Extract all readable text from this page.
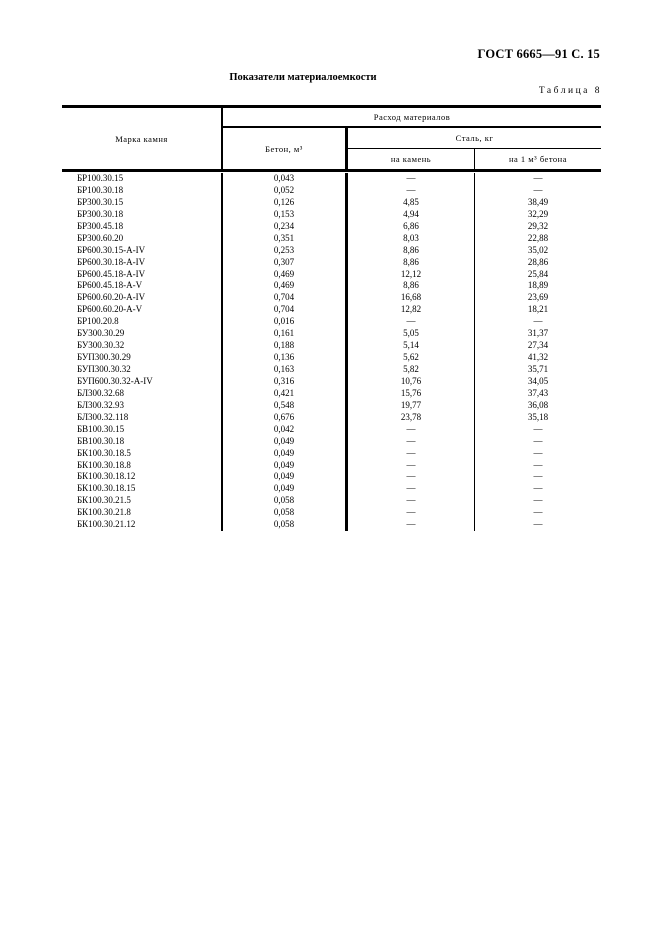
ГОСТ 6665—91 С. 15
Показатели материалоемкости
Таблица 8
Марка камня
Расход материалов
Бетон, м³
Сталь, кг
на камень	на 1 м³ бетона
БР100.30.15	0,043	—	—
БР100.30.18	0,052	—	—
БР300.30.15	0,126	4,85	38,49
БР300.30.18	0,153	4,94	32,29
БР300.45.18	0,234	6,86	29,32
БР300.60.20	0,351	8,03	22,88
БР600.30.15-А-IV	0,253	8,86	35,02
БР600.30.18-А-IV	0,307	8,86	28,86
БР600.45.18-А-IV	0,469	12,12	25,84
БР600.45.18-А-V	0,469	8,86	18,89
БР600.60.20-А-IV	0,704	16,68	23,69
БР600.60.20-А-V	0,704	12,82	18,21
БР100.20.8	0,016	—	—
БУ300.30.29	0,161	5,05	31,37
БУ300.30.32	0,188	5,14	27,34
БУП300.30.29	0,136	5,62	41,32
БУП300.30.32	0,163	5,82	35,71
БУП600.30.32-А-IV	0,316	10,76	34,05
БЛ300.32.68	0,421	15,76	37,43
БЛ300.32.93	0,548	19,77	36,08
БЛ300.32.118	0,676	23,78	35,18
БВ100.30.15	0,042	—	—
БВ100.30.18	0,049	—	—
БК100.30.18.5	0,049	—	—
БК100.30.18.8	0,049	—	—
БК100.30.18.12	0,049	—	—
БК100.30.18.15	0,049	—	—
БК100.30.21.5	0,058	—	—
БК100.30.21.8	0,058	—	—
БК100.30.21.12	0,058	—	—
